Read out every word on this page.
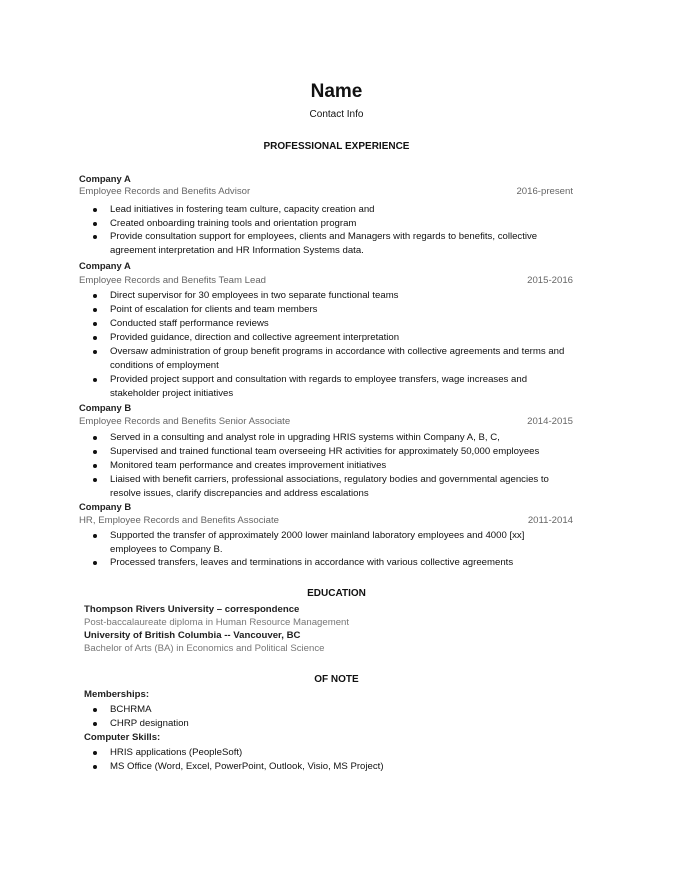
Name
Contact Info
PROFESSIONAL EXPERIENCE
Company A
Employee Records and Benefits Advisor	2016-present
Lead initiatives in fostering team culture, capacity creation and
Created onboarding training tools and orientation program
Provide consultation support for employees, clients and Managers with regards to benefits, collective
agreement interpretation and HR Information Systems data.
Company A
Employee Records and Benefits Team Lead	2015-2016
Direct supervisor for 30 employees in two separate functional teams
Point of escalation for clients and team members
Conducted staff performance reviews
Provided guidance, direction and collective agreement interpretation
Oversaw administration of group benefit programs in accordance with collective agreements and terms and
conditions of employment
Provided project support and consultation with regards to employee transfers, wage increases and
stakeholder project initiatives
Company B
Employee Records and Benefits Senior Associate	2014-2015
Served in a consulting and analyst role in upgrading HRIS systems within Company A, B, C,
Supervised and trained functional team overseeing HR activities for approximately 50,000 employees
Monitored team performance and creates improvement initiatives
Liaised with benefit carriers, professional associations, regulatory bodies and governmental agencies to
resolve issues, clarify discrepancies and address escalations
Company B
HR, Employee Records and Benefits Associate	2011-2014
Supported the transfer of approximately 2000 lower mainland laboratory employees and 4000 [xx]
employees to Company B.
Processed transfers, leaves and terminations in accordance with various collective agreements
EDUCATION
Thompson Rivers University – correspondence
Post-baccalaureate diploma in Human Resource Management
University of British Columbia -- Vancouver, BC
Bachelor of Arts (BA) in Economics and Political Science
OF NOTE
Memberships:
BCHRMA
CHRP designation
Computer Skills:
HRIS applications (PeopleSoft)
MS Office (Word, Excel, PowerPoint, Outlook, Visio, MS Project)
